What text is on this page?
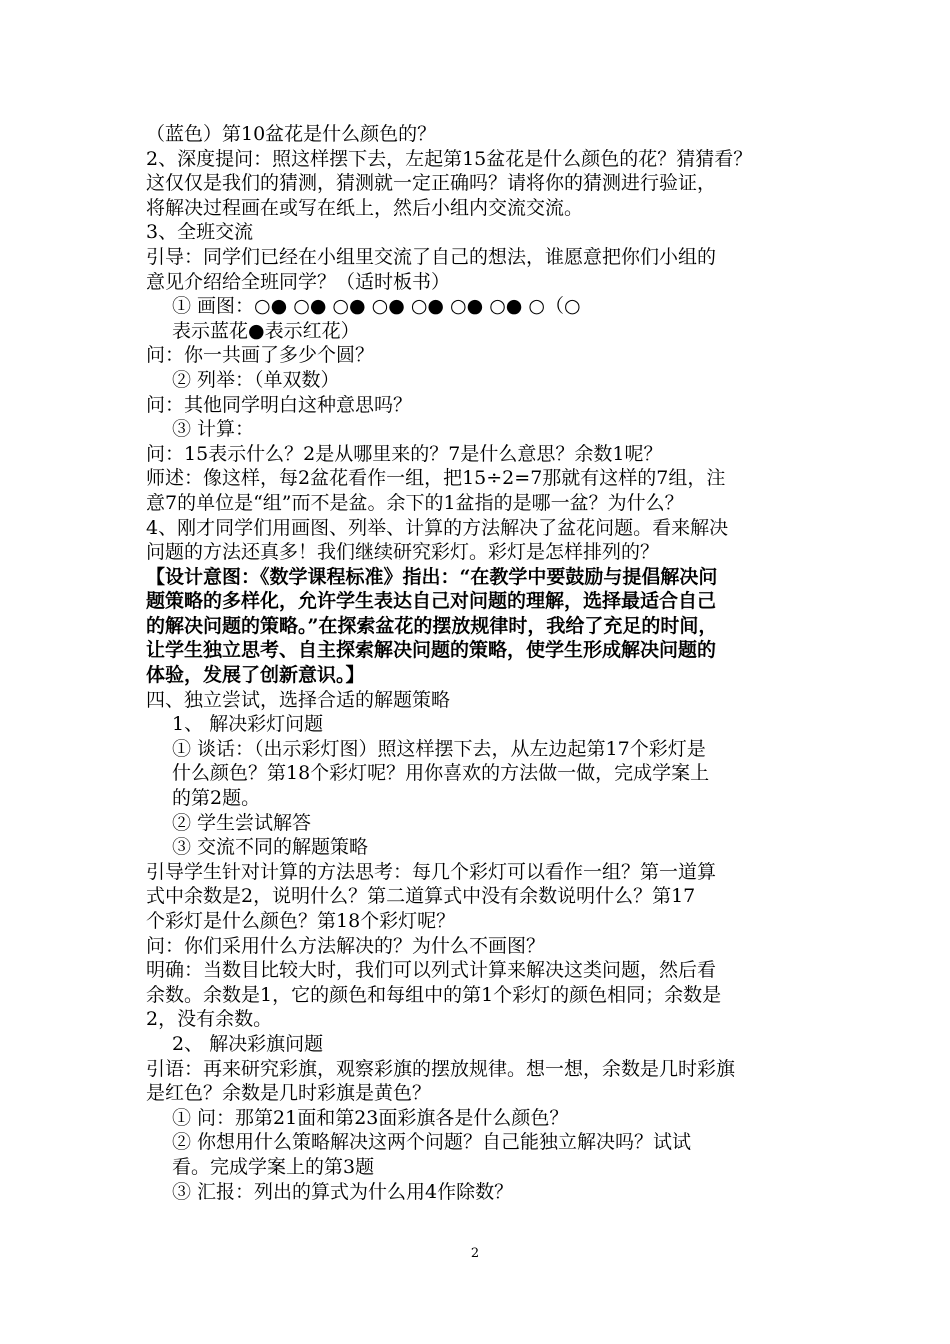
（蓝色）第10盆花是什么颜色的？
2、深度提问：照这样摆下去，左起第15盆花是什么颜色的花？猜猜看？
这仅仅是我们的猜测，猜测就一定正确吗？请将你的猜测进行验证，
将解决过程画在或写在纸上，然后小组内交流交流。
3、全班交流
引导：同学们已经在小组里交流了自己的想法，谁愿意把你们小组的
意见介绍给全班同学？（适时板书）
① 画图：○● ○● ○● ○● ○● ○● ○● ○（○
表示蓝花●表示红花）
问：你一共画了多少个圆？
② 列举：（单双数）
问：其他同学明白这种意思吗？
③ 计算：
问：15表示什么？2是从哪里来的？7是什么意思？余数1呢？
师述：像这样，每2盆花看作一组，把15÷2=7那就有这样的7组，注
意7的单位是“组”而不是盆。余下的1盆指的是哪一盆？为什么？
4、刚才同学们用画图、列举、计算的方法解决了盆花问题。看来解决
问题的方法还真多！我们继续研究彩灯。彩灯是怎样排列的？
【设计意图：《数学课程标准》指出：“在教学中要鼓励与提倡解决问
题策略的多样化，允许学生表达自己对问题的理解，选择最适合自己
的解决问题的策略。”在探索盆花的摆放规律时，我给了充足的时间，
让学生独立思考、自主探索解决问题的策略，使学生形成解决问题的
体验，发展了创新意识。】
四、独立尝试，选择合适的解题策略
1、 解决彩灯问题
① 谈话：（出示彩灯图）照这样摆下去，从左边起第17个彩灯是
什么颜色？第18个彩灯呢？用你喜欢的方法做一做，完成学案上
的第2题。
② 学生尝试解答
③ 交流不同的解题策略
引导学生针对计算的方法思考：每几个彩灯可以看作一组？第一道算
式中余数是2，说明什么？第二道算式中没有余数说明什么？第17
个彩灯是什么颜色？第18个彩灯呢？
问：你们采用什么方法解决的？为什么不画图？
明确：当数目比较大时，我们可以列式计算来解决这类问题，然后看
余数。余数是1，它的颜色和每组中的第1个彩灯的颜色相同；余数是
2，没有余数。
2、 解决彩旗问题
引语：再来研究彩旗，观察彩旗的摆放规律。想一想，余数是几时彩旗
是红色？余数是几时彩旗是黄色？
① 问：那第21面和第23面彩旗各是什么颜色？
② 你想用什么策略解决这两个问题？自己能独立解决吗？试试
看。完成学案上的第3题
③ 汇报：列出的算式为什么用4作除数？
2
